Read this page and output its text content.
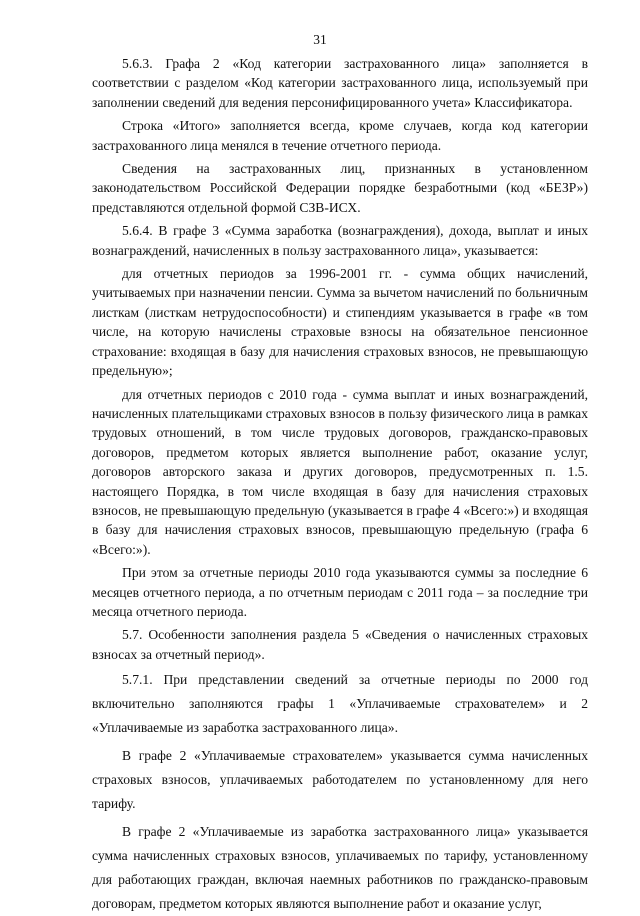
31

5.6.3. Графа 2 «Код категории застрахованного лица» заполняется в соответствии с разделом «Код категории застрахованного лица, используемый при заполнении сведений для ведения персонифицированного учета» Классификатора.

Строка «Итого» заполняется всегда, кроме случаев, когда код категории застрахованного лица менялся в течение отчетного периода.

Сведения на застрахованных лиц, признанных в установленном законодательством Российской Федерации порядке безработными (код «БЕЗР») представляются отдельной формой СЗВ-ИСХ.

5.6.4. В графе 3 «Сумма заработка (вознаграждения), дохода, выплат и иных вознаграждений, начисленных в пользу застрахованного лица», указывается:

для отчетных периодов за 1996-2001 гг. - сумма общих начислений, учитываемых при назначении пенсии. Сумма за вычетом начислений по больничным листкам (листкам нетрудоспособности) и стипендиям указывается в графе «в том числе, на которую начислены страховые взносы на обязательное пенсионное страхование: входящая в базу для начисления страховых взносов, не превышающую предельную»;

для отчетных периодов с 2010 года - сумма выплат и иных вознаграждений, начисленных плательщиками страховых взносов в пользу физического лица в рамках трудовых отношений, в том числе трудовых договоров, гражданско-правовых договоров, предметом которых является выполнение работ, оказание услуг, договоров авторского заказа и других договоров, предусмотренных п. 1.5. настоящего Порядка, в том числе входящая в базу для начисления страховых взносов, не превышающую предельную (указывается в графе 4 «Всего:») и входящая в базу для начисления страховых взносов, превышающую предельную (графа 6 «Всего:»).

При этом за отчетные периоды 2010 года указываются суммы за последние 6 месяцев отчетного периода, а по отчетным периодам с 2011 года – за последние три месяца отчетного периода.

5.7. Особенности заполнения раздела 5 «Сведения о начисленных страховых взносах за отчетный период».

5.7.1. При представлении сведений за отчетные периоды по 2000 год включительно заполняются графы 1 «Уплачиваемые страхователем» и 2 «Уплачиваемые из заработка застрахованного лица».

В графе 2 «Уплачиваемые страхователем» указывается сумма начисленных страховых взносов, уплачиваемых работодателем по установленному для него тарифу.

В графе 2 «Уплачиваемые из заработка застрахованного лица» указывается сумма начисленных страховых взносов, уплачиваемых по тарифу, установленному для работающих граждан, включая наемных работников по гражданско-правовым договорам, предметом которых являются выполнение работ и оказание услуг,
